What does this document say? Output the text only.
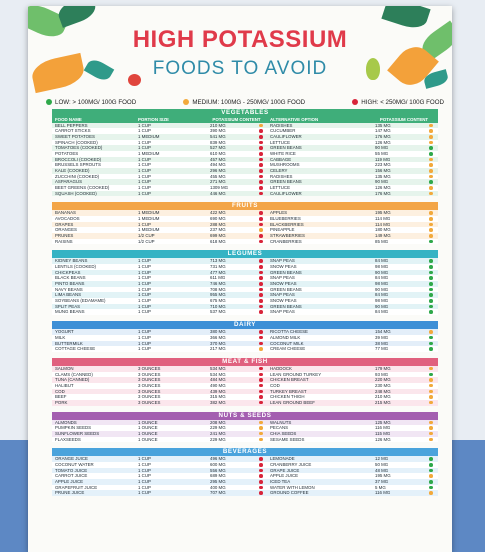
HIGH POTASSIUM
FOODS TO AVOID
LOW: > 100MG/ 100G FOOD	MEDIUM: 100MG - 250MG/ 100G FOOD	HIGH: < 250MG/ 100G FOOD
VEGETABLES
FOOD NAME	PORTION SIZE	POTASSIUM CONTENT	ALTERNATIVE OPTION	POTASSIUM CONTENT
BELL PEPPERS	1 CUP	210 MG	RADISHES	135 MG
CARROT STICKS	1 CUP	390 MG	CUCUMBER	147 MG
SWEET POTATOES	1 MEDIUM	541 MG	CAULIFLOWER	176 MG
SPINACH (COOKED)	1 CUP	839 MG	LETTUCE	126 MG
TOMATOES (COOKED)	1 CUP	527 MG	GREEN BEANS	90 MG
POTATOES	1 MEDIUM	610 MG	WHITE RICE	55 MG
BROCCOLI (COOKED)	1 CUP	457 MG	CABBAGE	119 MG
BRUSSELS SPROUTS	1 CUP	494 MG	MUSHROOMS	223 MG
KALE (COOKED)	1 CUP	296 MG	CELERY	156 MG
ZUCCHINI (COOKED)	1 CUP	455 MG	RADISHES	135 MG
ASPARAGUS	1 CUP	271 MG	GREEN BEANS	90 MG
BEET GREENS (COOKED)	1 CUP	1309 MG	LETTUCE	126 MG
SQUASH (COOKED)	1 CUP	446 MG	CAULIFLOWER	176 MG
FRUITS
BANANAS	1 MEDIUM	422 MG	APPLES	195 MG
AVOCADOS	1 MEDIUM	690 MG	BLUEBERRIES	114 MG
GRAPES	1 CUP	288 MG	BLACKBERRIES	114 MG
ORANGES	1 MEDIUM	237 MG	PINEAPPLE	180 MG
PRUNES	1/2 CUP	699 MG	STRAWBERRIES	149 MG
RAISINS	1/2 CUP	618 MG	CRANBERRIES	85 MG
LEGUMES
KIDNEY BEANS	1 CUP	713 MG	SNAP PEAS	84 MG
LENTILS (COOKED)	1 CUP	731 MG	SNOW PEAS	98 MG
CHICKPEAS	1 CUP	477 MG	GREEN BEANS	90 MG
BLACK BEANS	1 CUP	611 MG	SNAP PEAS	84 MG
PINTO BEANS	1 CUP	746 MG	SNOW PEAS	98 MG
NAVY BEANS	1 CUP	708 MG	GREEN BEANS	90 MG
LIMA BEANS	1 CUP	955 MG	SNAP PEAS	84 MG
SOYBEANS (EDAMAME)	1 CUP	675 MG	SNOW PEAS	98 MG
SPLIT PEAS	1 CUP	710 MG	GREEN BEANS	90 MG
MUNG BEANS	1 CUP	537 MG	SNAP PEAS	84 MG
DAIRY
YOGURT	1 CUP	380 MG	RICOTTA CHEESE	154 MG
MILK	1 CUP	366 MG	ALMOND MILK	39 MG
BUTTERMILK	1 CUP	370 MG	COCONUT MILK	38 MG
COTTAGE CHEESE	1 CUP	217 MG	CREAM CHEESE	77 MG
MEAT & FISH
SALMON	3 OUNCES	534 MG	HADDOCK	179 MG
CLAMS (CANNED)	3 OUNCES	534 MG	LEAN GROUND TURKEY	93 MG
TUNA (CANNED)	3 OUNCES	484 MG	CHICKEN BREAST	220 MG
HALIBUT	3 OUNCES	490 MG	COD	230 MG
COD	3 OUNCES	439 MG	TURKEY BREAST	248 MG
BEEF	3 OUNCES	315 MG	CHICKEN THIGH	210 MG
PORK	3 OUNCES	382 MG	LEAN GROUND BEEF	215 MG
NUTS & SEEDS
ALMONDS	1 OUNCE	208 MG	WALNUTS	125 MG
PUMPKIN SEEDS	1 OUNCE	229 MG	PECANS	116 MG
SUNFLOWER SEEDS	1 OUNCE	241 MG	CHIA SEEDS	115 MG
FLAXSEEDS	1 OUNCE	229 MG	SESAME SEEDS	126 MG
BEVERAGES
ORANGE JUICE	1 CUP	496 MG	LEMONADE	12 MG
COCONUT WATER	1 CUP	600 MG	CRANBERRY JUICE	50 MG
TOMATO JUICE	1 CUP	556 MG	GRAPE JUICE	48 MG
CARROT JUICE	1 CUP	689 MG	APPLE JUICE	195 MG
APPLE JUICE	1 CUP	295 MG	ICED TEA	37 MG
GRAPEFRUIT JUICE	1 CUP	400 MG	WATER WITH LEMON	5 MG
PRUNE JUICE	1 CUP	707 MG	GROUND COFFEE	116 MG
